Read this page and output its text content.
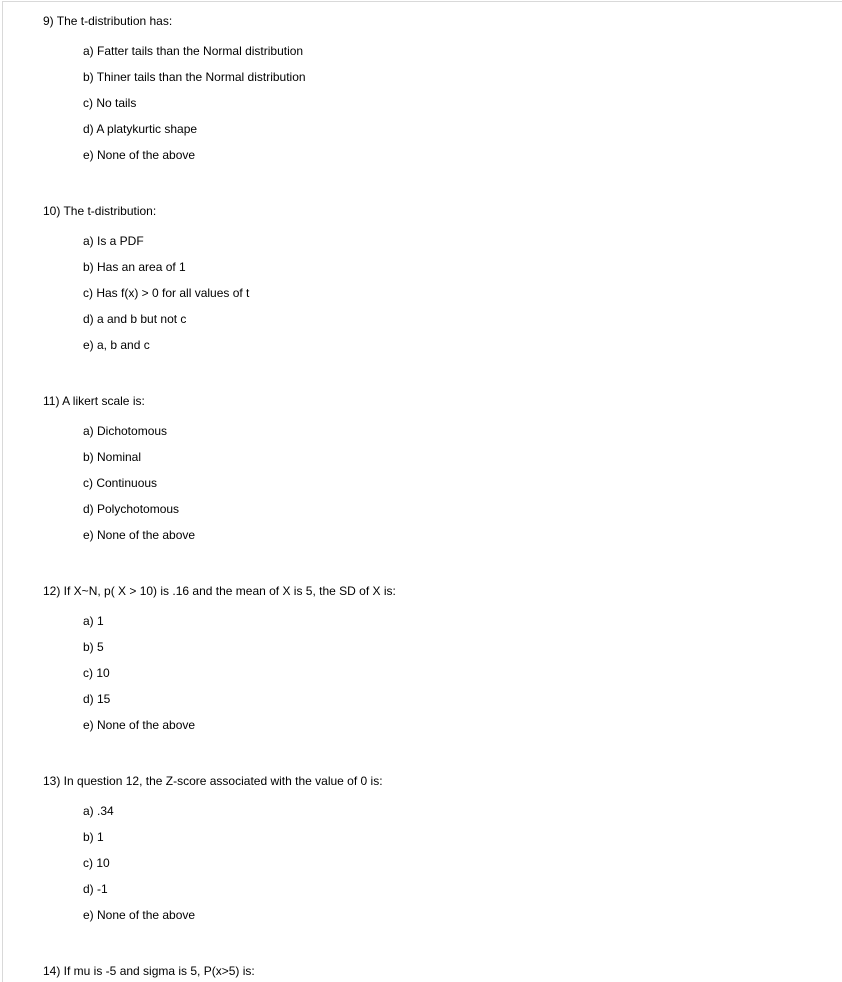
9) The t-distribution has:
a) Fatter tails than the Normal distribution
b) Thiner tails than the Normal distribution
c) No tails
d) A platykurtic shape
e) None of the above
10) The t-distribution:
a) Is a PDF
b) Has an area of 1
c) Has f(x) > 0 for all values of t
d) a and b but not c
e) a, b and c
11) A likert scale is:
a) Dichotomous
b) Nominal
c) Continuous
d) Polychotomous
e) None of the above
12) If X~N, p( X > 10) is .16 and the mean of X is 5, the SD of X is:
a) 1
b) 5
c) 10
d) 15
e) None of the above
13) In question 12, the Z-score associated with the value of 0 is:
a) .34
b) 1
c) 10
d) -1
e) None of the above
14) If mu is -5 and sigma is 5, P(x>5) is:
